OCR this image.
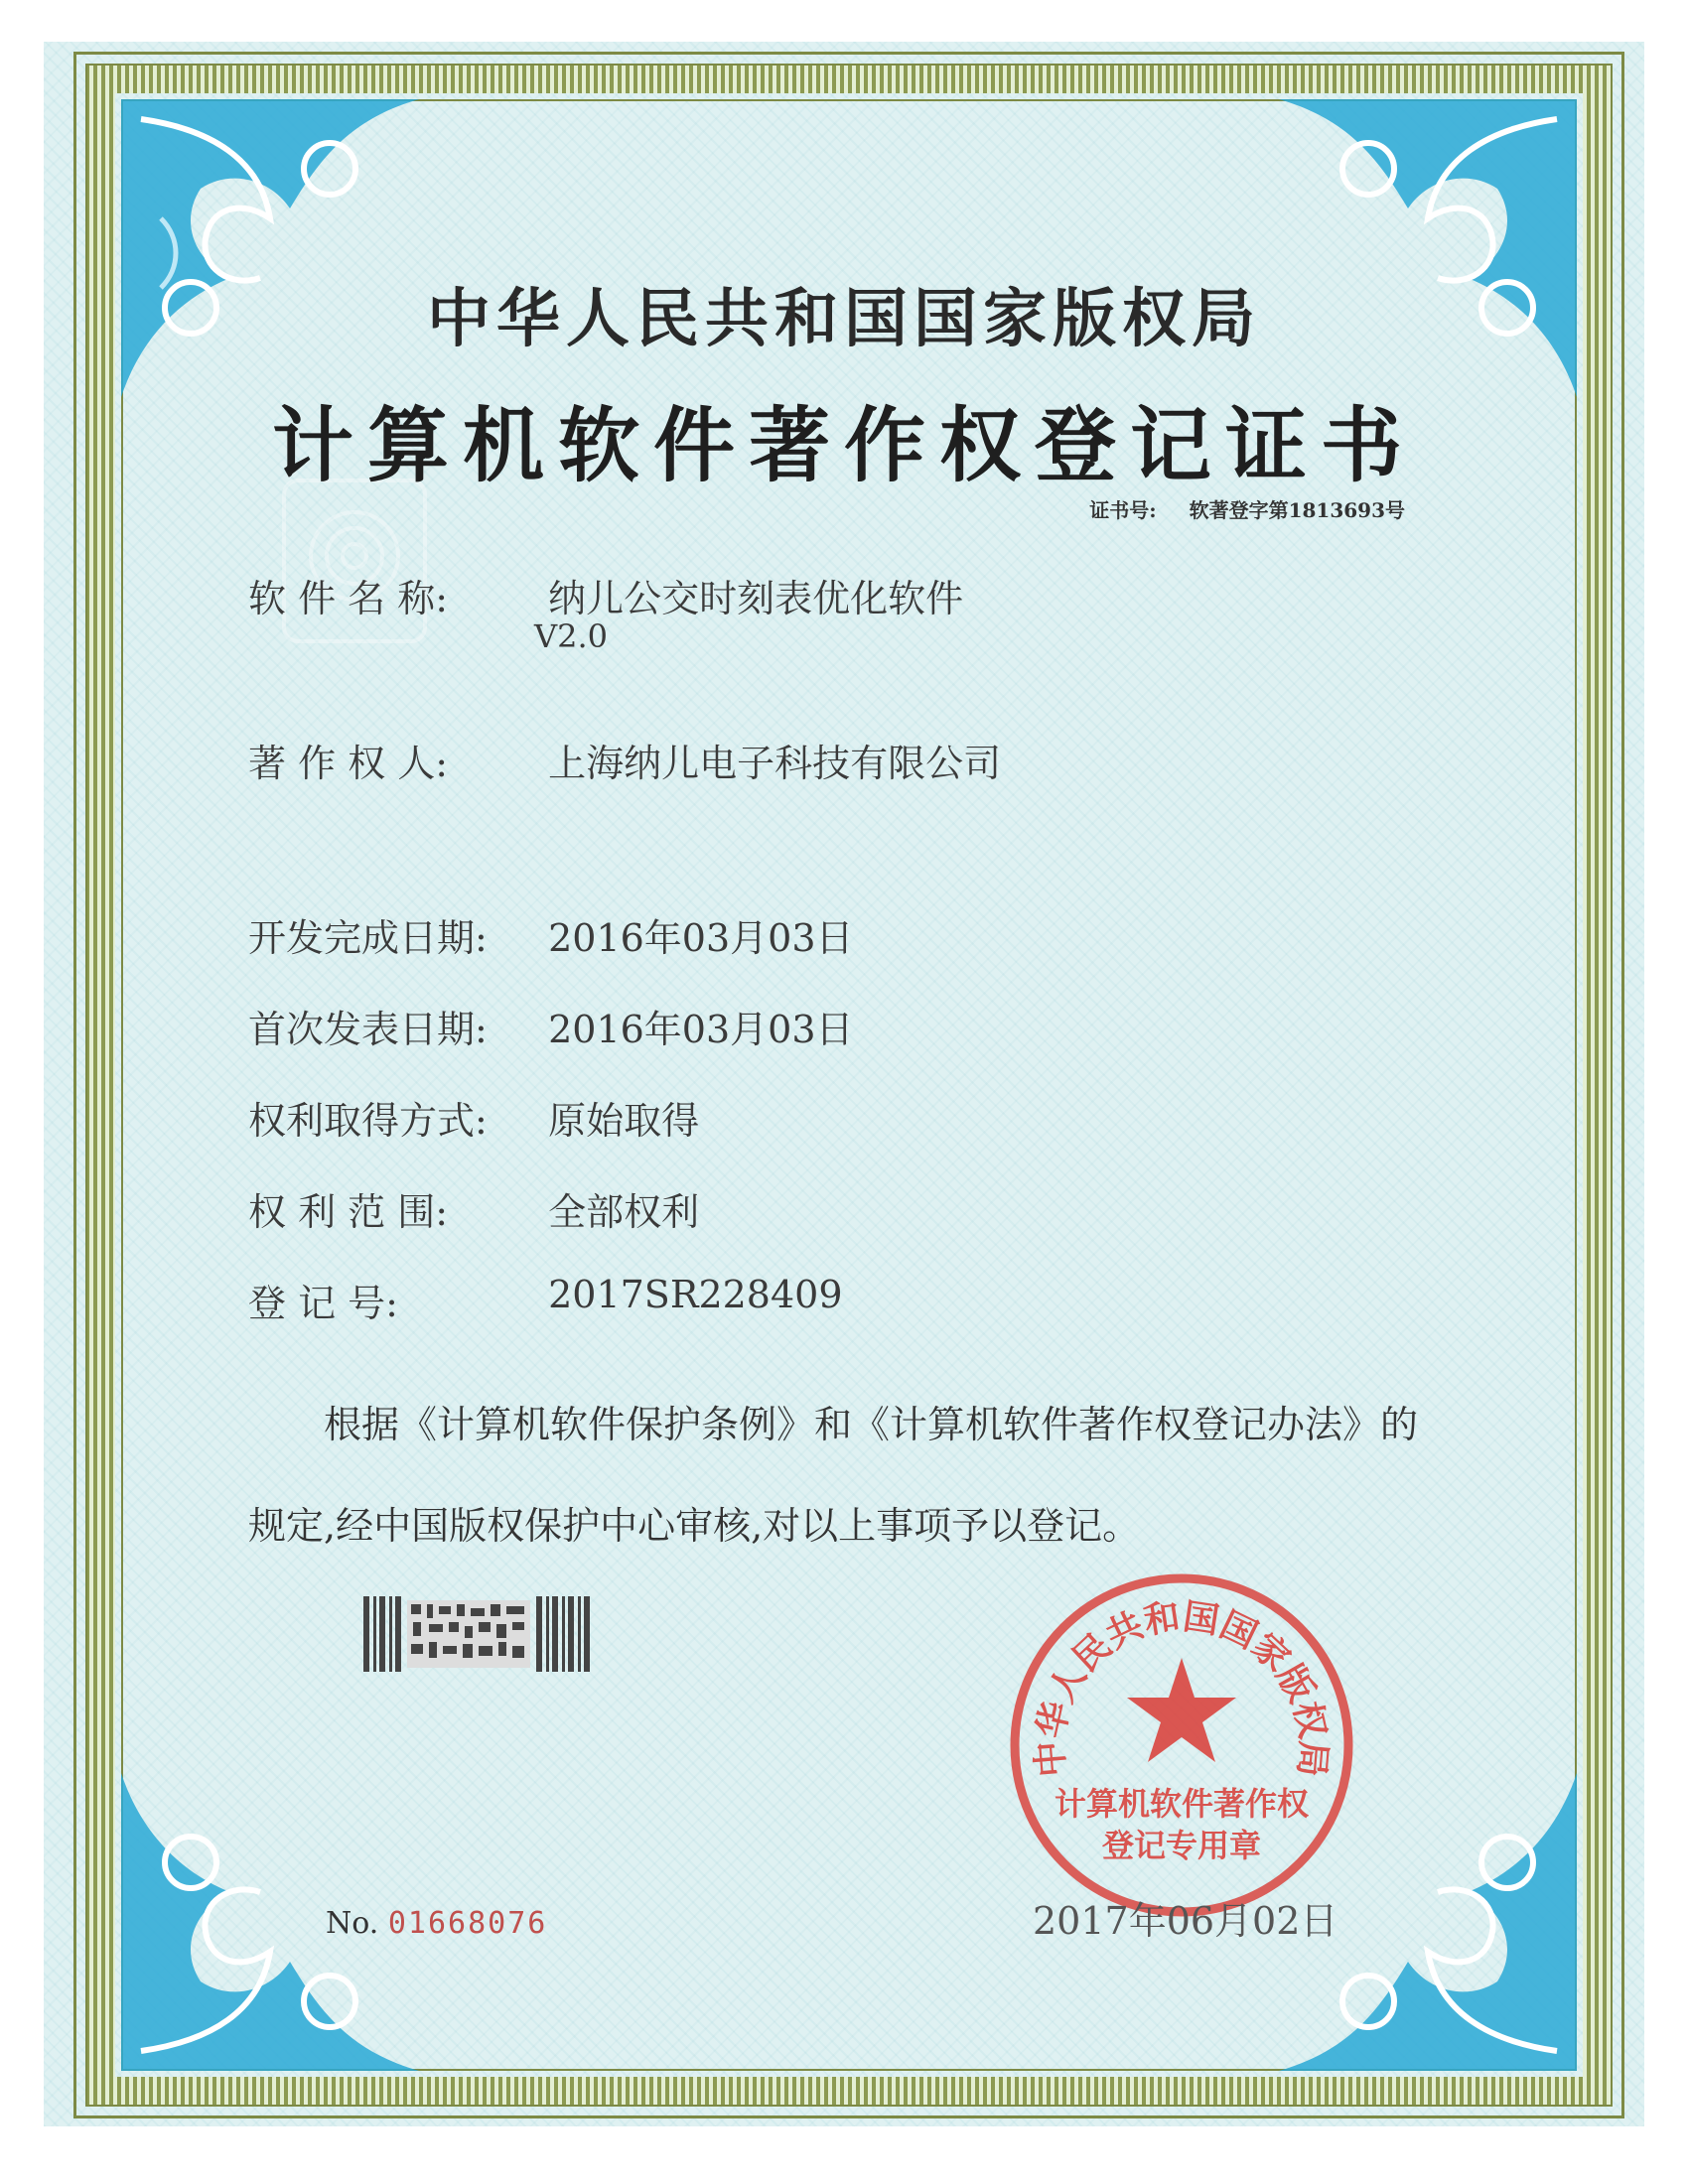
中华人民共和国国家版权局
计算机软件著作权登记证书
证书号: 软著登字第1813693号
软 件 名 称:	纳儿公交时刻表优化软件
V2.0
著 作 权 人:	上海纳儿电子科技有限公司
开发完成日期: 2016年03月03日
首次发表日期: 2016年03月03日
权利取得方式: 原始取得
权 利 范 围:	全部权利
登 记 号:	2017SR228409
根据《计算机软件保护条例》和《计算机软件著作权登记办法》的
规定,经中国版权保护中心审核,对以上事项予以登记。
No. 01668076
中华人民共和国国家版权局
计算机软件著作权
登记专用章
2017年06月02日
